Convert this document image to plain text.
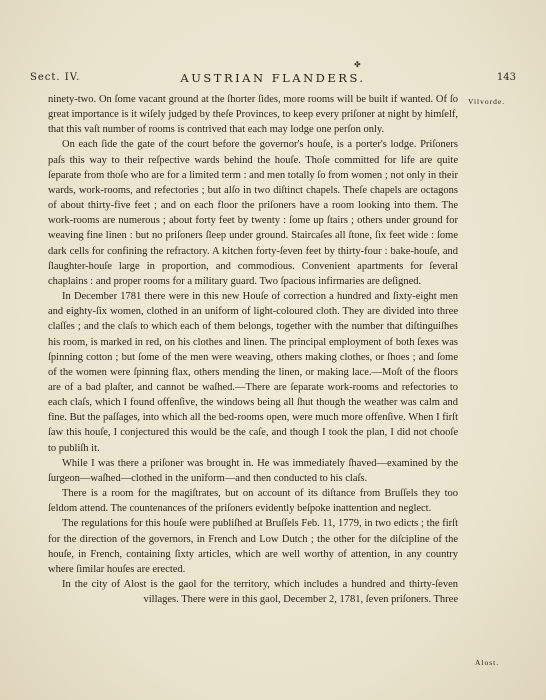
✤
Sect. IV.	AUSTRIAN FLANDERS.	143
Vilvorde.
Alost.

ninety-two. On ſome vacant ground at the ſhorter ſides, more rooms will be built if wanted. Of ſo great importance is it wiſely judged by theſe Provinces, to keep every priſoner at night by himſelf, that this vaſt number of rooms is contrived that each may lodge one perſon only.

On each ſide the gate of the court before the governor's houſe, is a porter's lodge. Priſoners paſs this way to their reſpective wards behind the houſe. Thoſe committed for life are quite ſeparate from thoſe who are for a limited term : and men totally ſo from women ; not only in their wards, work-rooms, and refectories ; but alſo in two diſtinct chapels. Theſe chapels are octagons of about thirty-five feet ; and on each floor the priſoners have a room looking into them. The work-rooms are numerous ; about forty feet by twenty : ſome up ſtairs ; others under ground for weaving fine linen : but no priſoners ſleep under ground. Staircaſes all ſtone, ſix feet wide : ſome dark cells for confining the refractory. A kitchen forty-ſeven feet by thirty-four : bake-houſe, and ſlaughter-houſe large in proportion, and commodious. Convenient apartments for ſeveral chaplains : and proper rooms for a military guard. Two ſpacious infirmaries are deſigned.

In December 1781 there were in this new Houſe of correction a hundred and ſixty-eight men and eighty-ſix women, clothed in an uniform of light-coloured cloth. They are divided into three claſſes ; and the claſs to which each of them belongs, together with the number that diſtinguiſhes his room, is marked in red, on his clothes and linen. The principal employment of both ſexes was ſpinning cotton ; but ſome of the men were weaving, others making clothes, or ſhoes ; and ſome of the women were ſpinning flax, others mending the linen, or making lace.—Moſt of the floors are of a bad plaſter, and cannot be waſhed.—There are ſeparate work-rooms and refectories to each claſs, which I found offenſive, the windows being all ſhut though the weather was calm and fine. But the paſſages, into which all the bed-rooms open, were much more offenſive. When I firſt ſaw this houſe, I conjectured this would be the caſe, and though I took the plan, I did not chooſe to publiſh it.

While I was there a priſoner was brought in. He was immediately ſhaved—examined by the ſurgeon—waſhed—clothed in the uniform—and then conducted to his claſs.

There is a room for the magiſtrates, but on account of its diſtance from Bruſſels they too ſeldom attend. The countenances of the priſoners evidently beſpoke inattention and neglect.

The regulations for this houſe were publiſhed at Bruſſels Feb. 11, 1779, in two edicts ; the firſt for the direction of the governors, in French and Low Dutch ; the other for the diſcipline of the houſe, in French, containing ſixty articles, which are well worthy of attention, in any country where ſimilar houſes are erected.

In the city of Alost is the gaol for the territory, which includes a hundred and thirty-ſeven villages. There were in this gaol, December 2, 1781, ſeven priſoners. Three
